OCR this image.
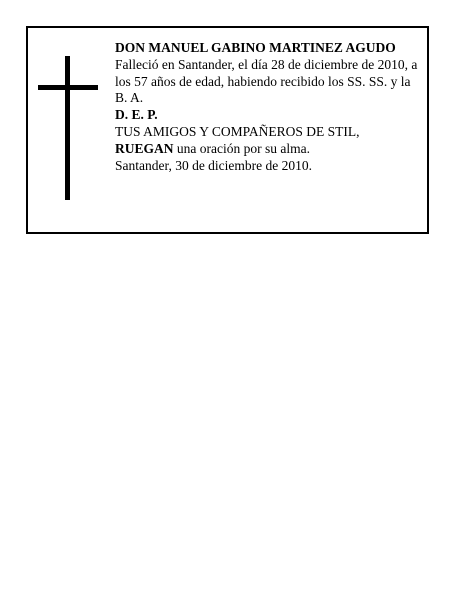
DON MANUEL GABINO MARTINEZ AGUDO

Falleció en Santander, el día 28 de diciembre de 2010, a los 57 años de edad, habiendo recibido los SS. SS. y la B. A.

D. E. P.

TUS AMIGOS Y COMPAÑEROS DE STIL,

RUEGAN una oración por su alma.

Santander, 30 de diciembre de 2010.
